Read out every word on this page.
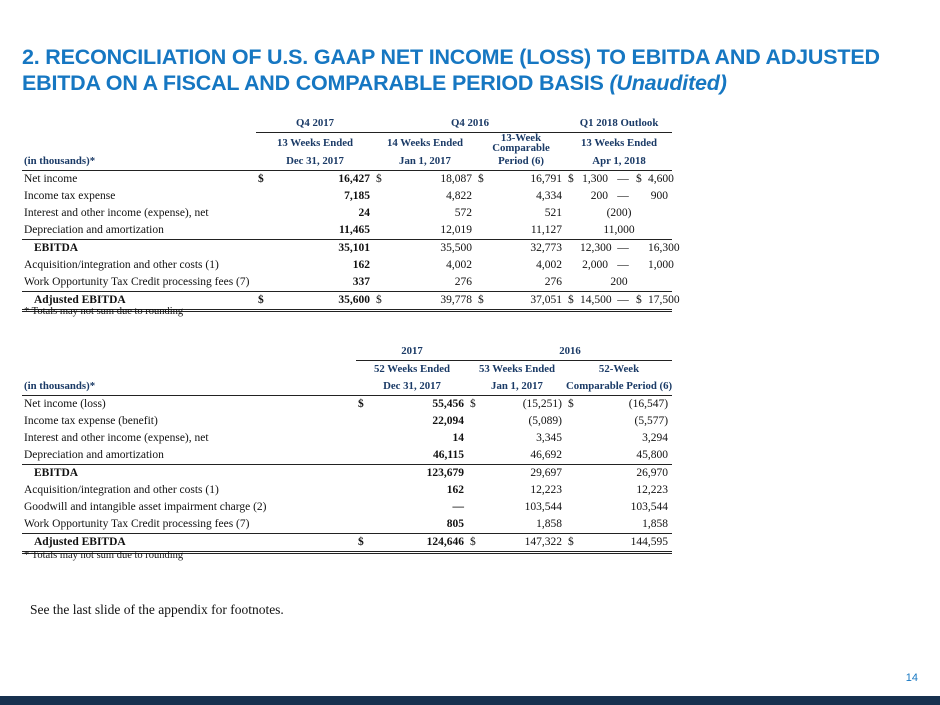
2. RECONCILIATION OF U.S. GAAP NET INCOME (LOSS) TO EBITDA AND ADJUSTED
EBITDA ON A FISCAL AND COMPARABLE PERIOD BASIS (Unaudited)
	Q4 2017		Q4 2016				Q1 2018 Outlook				
	13 Weeks Ended		14 Weeks Ended		13-Week Comparable		13 Weeks Ended				
(in thousands)*	Dec 31, 2017		Jan 1, 2017		Period (6)		Apr 1, 2018				
Net income	$	16,427	$	18,087	$	16,791	$	1,300	—	$	4,600
Income tax expense		7,185		4,822		4,334		200	—		900
Interest and other income (expense), net		24		572		521	(200)				
Depreciation and amortization		11,465		12,019		11,127	11,000				
EBITDA		35,101		35,500		32,773		12,300	—		16,300
Acquisition/integration and other costs (1)		162		4,002		4,002		2,000	—		1,000
Work Opportunity Tax Credit processing fees (7)		337		276		276	200				
Adjusted EBITDA	$	35,600	$	39,778	$	37,051	$	14,500	—	$	17,500
* Totals may not sum due to rounding
	2017		2016			
	52 Weeks Ended		53 Weeks Ended		52-Week	
(in thousands)*	Dec 31, 2017		Jan 1, 2017		Comparable Period (6)	
Net income (loss)	$	55,456	$	(15,251)	$	(16,547)
Income tax expense (benefit)		22,094		(5,089)		(5,577)
Interest and other income (expense), net		14		3,345		3,294
Depreciation and amortization		46,115		46,692		45,800
EBITDA		123,679		29,697		26,970
Acquisition/integration and other costs (1)		162		12,223		12,223
Goodwill and intangible asset impairment charge (2)		—		103,544		103,544
Work Opportunity Tax Credit processing fees (7)		805		1,858		1,858
Adjusted EBITDA	$	124,646	$	147,322	$	144,595
* Totals may not sum due to rounding
See the last slide of the appendix for footnotes.
14
